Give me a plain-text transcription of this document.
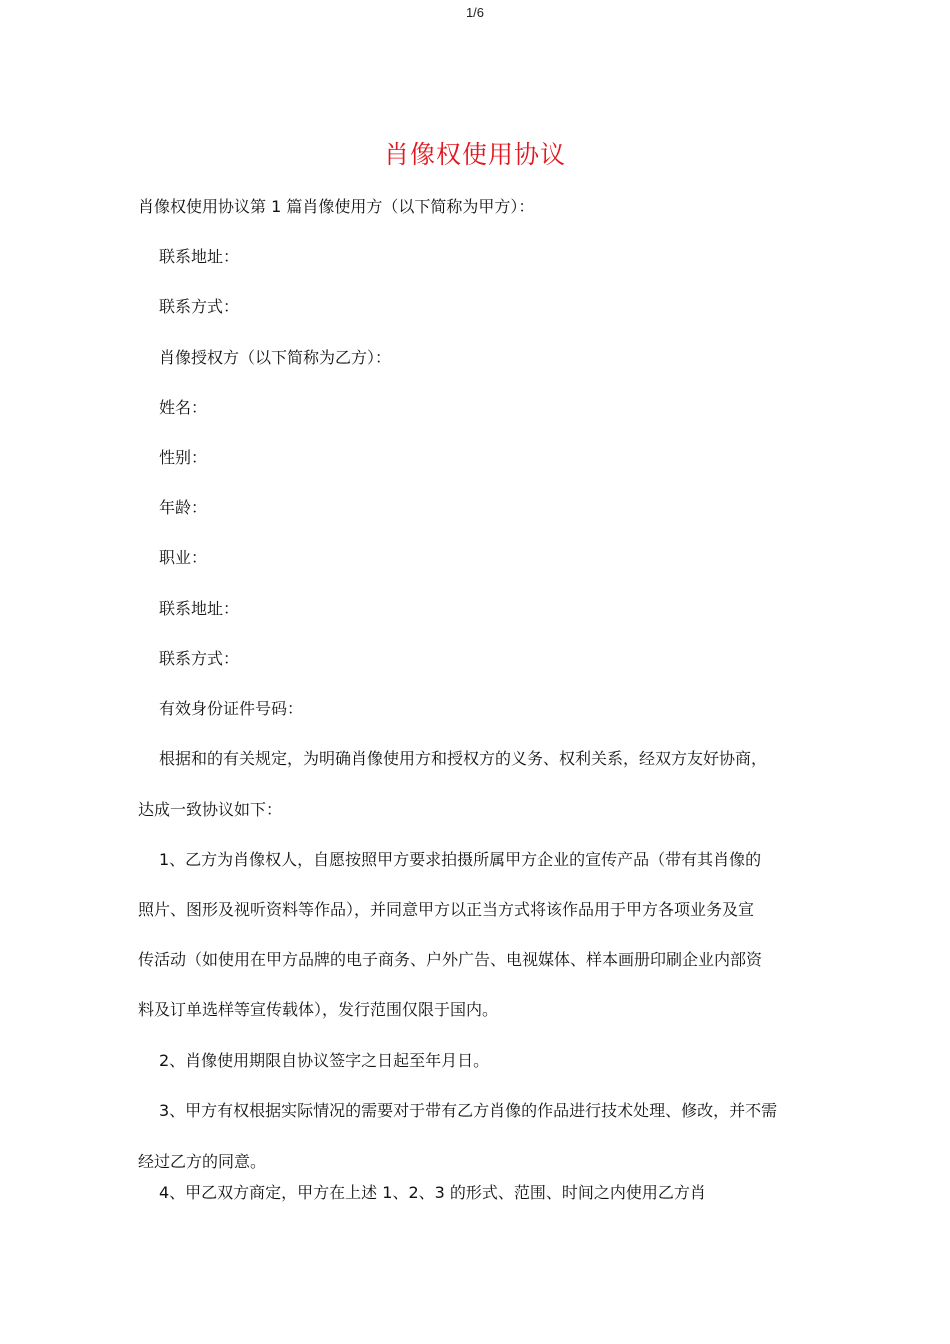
1/6
肖像权使用协议
肖像权使用协议第 1 篇肖像使用方（以下简称为甲方）：
联系地址：
联系方式：
肖像授权方（以下简称为乙方）：
姓名：
性别：
年龄：
职业：
联系地址：
联系方式：
有效身份证件号码：
根据和的有关规定，为明确肖像使用方和授权方的义务、权利关系，经双方友好协商，
达成一致协议如下：
1、乙方为肖像权人，自愿按照甲方要求拍摄所属甲方企业的宣传产品（带有其肖像的
照片、图形及视听资料等作品），并同意甲方以正当方式将该作品用于甲方各项业务及宣
传活动（如使用在甲方品牌的电子商务、户外广告、电视媒体、样本画册印刷企业内部资
料及订单选样等宣传载体），发行范围仅限于国内。
2、肖像使用期限自协议签字之日起至年月日。
3、甲方有权根据实际情况的需要对于带有乙方肖像的作品进行技术处理、修改，并不需
经过乙方的同意。
4、甲乙双方商定，甲方在上述 1、2、3 的形式、范围、时间之内使用乙方肖
